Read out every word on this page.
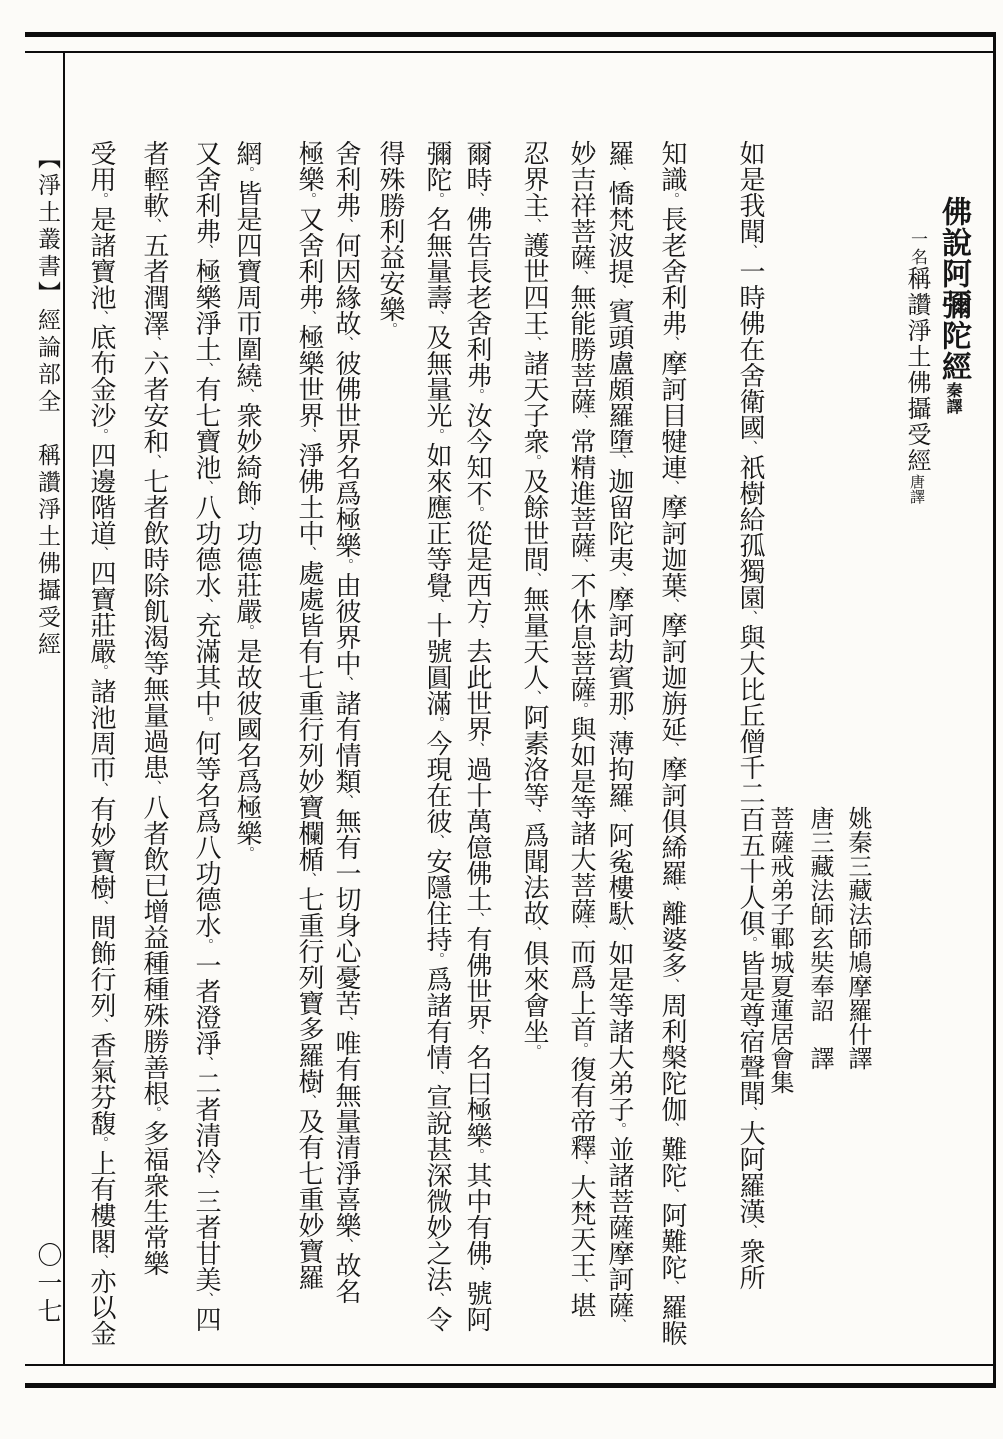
佛說阿彌陀經秦譯
一名稱讚淨土佛攝受經唐譯
姚秦三藏法師鳩摩羅什譯
唐三藏法師玄奘奉詔　譯
菩薩戒弟子鄆城夏蓮居會集
如是我聞、一時佛在舍衛國、祇樹給孤獨園、與大比丘僧千二百五十人俱。皆是尊宿聲聞、大阿羅漢、衆所
知識。長老舍利弗、摩訶目犍連、摩訶迦葉、摩訶迦旃延、摩訶俱絺羅、離婆多、周利槃陀伽、難陀、阿難陀、羅睺
羅、憍梵波提、賓頭盧頗羅墮、迦留陀夷、摩訶劫賓那、薄拘羅、阿㝹樓馱、如是等諸大弟子。並諸菩薩摩訶薩、
妙吉祥菩薩、無能勝菩薩、常精進菩薩、不休息菩薩。與如是等諸大菩薩、而爲上首。復有帝釋、大梵天王、堪
忍界主、護世四王、諸天子衆。及餘世間、無量天人、阿素洛等、爲聞法故、俱來會坐。
爾時、佛告長老舍利弗。汝今知不。從是西方、去此世界、過十萬億佛土、有佛世界、名曰極樂。其中有佛、號阿
彌陀。名無量壽、及無量光。如來應正等覺、十號圓滿。今現在彼、安隱住持。爲諸有情、宣說甚深微妙之法、令
得殊勝利益安樂。
舍利弗、何因緣故、彼佛世界名爲極樂。由彼界中、諸有情類、無有一切身心憂苦、唯有無量清淨喜樂、故名
極樂。又舍利弗、極樂世界、淨佛土中、處處皆有七重行列妙寶欄楯、七重行列寶多羅樹、及有七重妙寶羅
網。皆是四寶周帀圍繞、衆妙綺飾、功德莊嚴。是故彼國名爲極樂。
又舍利弗、極樂淨土、有七寶池、八功德水、充滿其中。何等名爲八功德水。一者澄淨、二者清冷、三者甘美、四
者輕軟、五者潤澤、六者安和、七者飲時除飢渴等無量過患、八者飲已增益種種殊勝善根。多福衆生常樂
受用。是諸寶池、底布金沙。四邊階道、四寶莊嚴。諸池周帀、有妙寶樹、間飾行列、香氣芬馥。上有樓閣、亦以金
【淨土叢書】經論部全　稱讚淨土佛攝受經
〇一七
